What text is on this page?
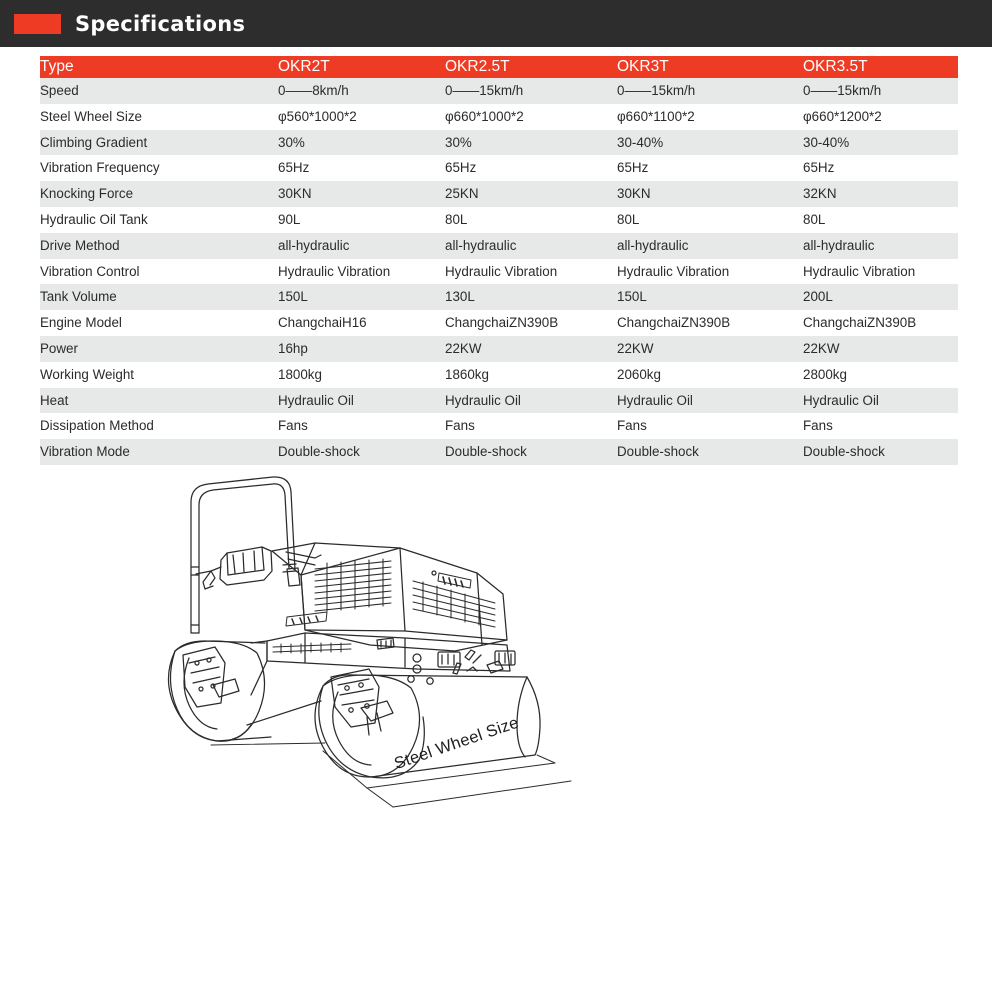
Specifications
Type	OKR2T	OKR2.5T	OKR3T	OKR3.5T
Speed	0——8km/h	0——15km/h	0——15km/h	0——15km/h
Steel Wheel Size	φ560*1000*2	φ660*1000*2	φ660*1100*2	φ660*1200*2
Climbing Gradient	30%	30%	30-40%	30-40%
Vibration Frequency	65Hz	65Hz	65Hz	65Hz
Knocking Force	30KN	25KN	30KN	32KN
Hydraulic Oil Tank	90L	80L	80L	80L
Drive Method	all-hydraulic	all-hydraulic	all-hydraulic	all-hydraulic
Vibration Control	Hydraulic Vibration	Hydraulic Vibration	Hydraulic Vibration	Hydraulic Vibration
Tank Volume	150L	130L	150L	200L
Engine Model	ChangchaiH16	ChangchaiZN390B	ChangchaiZN390B	ChangchaiZN390B
Power	16hp	22KW	22KW	22KW
Working Weight	1800kg	1860kg	2060kg	2800kg
Heat	Hydraulic Oil	Hydraulic Oil	Hydraulic Oil	Hydraulic Oil
Dissipation Method	Fans	Fans	Fans	Fans
Vibration Mode	Double-shock	Double-shock	Double-shock	Double-shock
Steel Wheel Size
